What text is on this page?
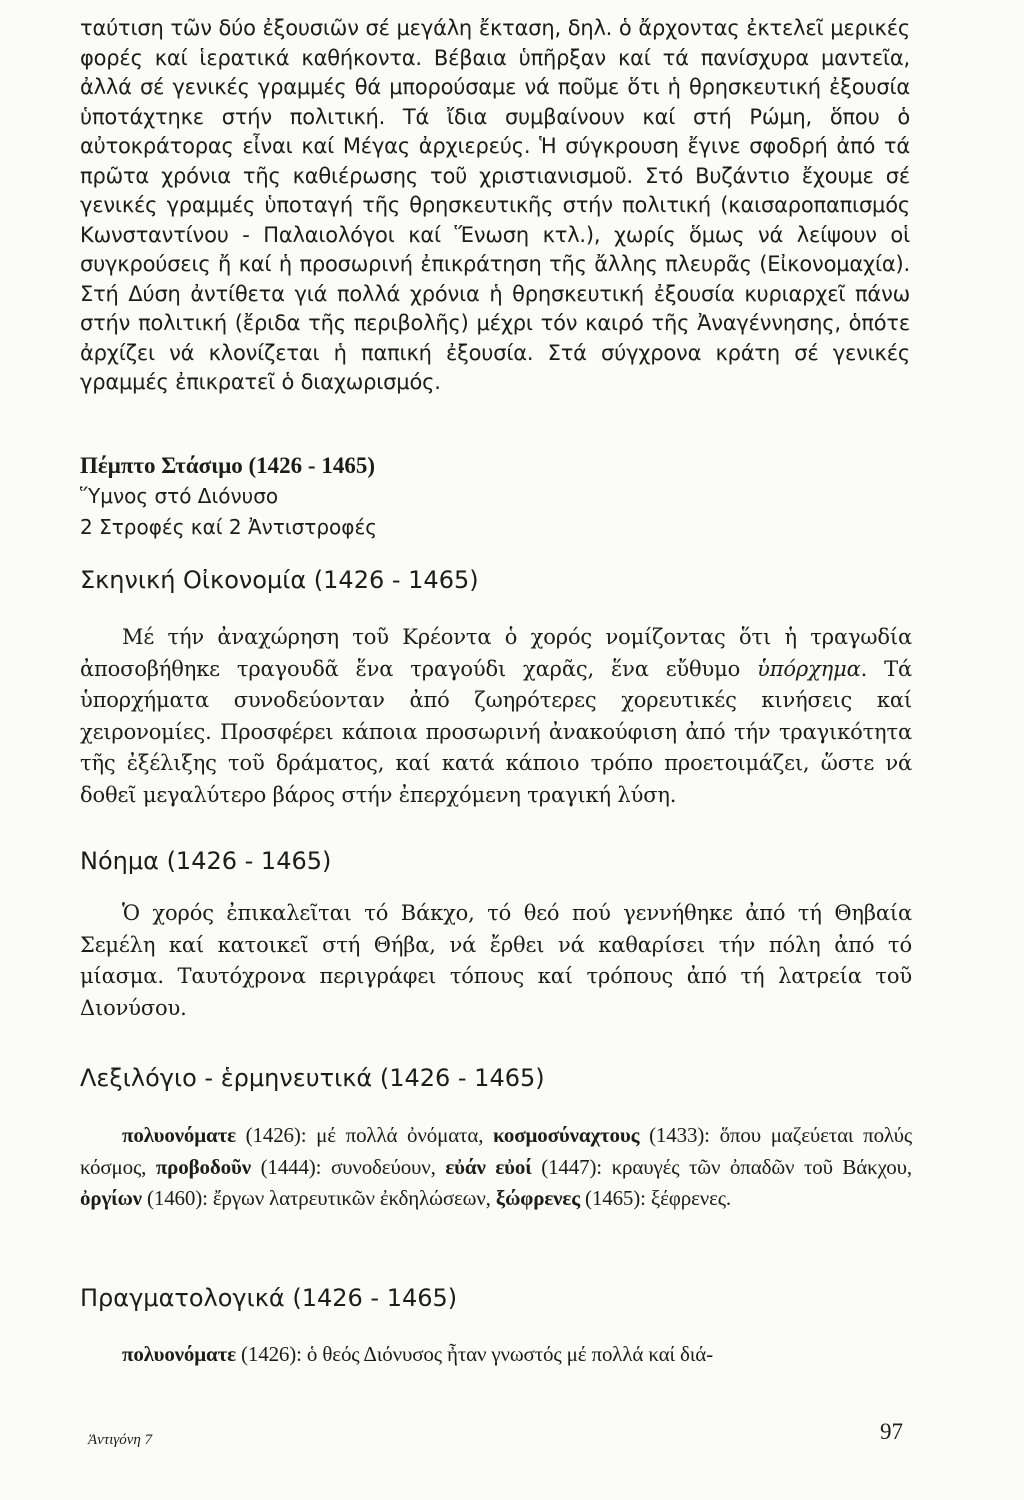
ταύτιση τῶν δύο ἐξουσιῶν σέ μεγάλη ἔκταση, δηλ. ὁ ἄρχοντας ἐκτελεῖ μερικές φορές καί ἱερατικά καθήκοντα. Βέβαια ὑπῆρξαν καί τά πανίσχυρα μαντεῖα, ἀλλά σέ γενικές γραμμές θά μπορούσαμε νά ποῦμε ὅτι ἡ θρησκευτική ἐξουσία ὑποτάχτηκε στήν πολιτική. Τά ἴδια συμβαίνουν καί στή Ρώμη, ὅπου ὁ αὐτοκράτορας εἶναι καί Μέγας ἀρχιερεύς. Ἡ σύγκρουση ἔγινε σφοδρή ἀπό τά πρῶτα χρόνια τῆς καθιέρωσης τοῦ χριστιανισμοῦ. Στό Βυζάντιο ἔχουμε σέ γενικές γραμμές ὑποταγή τῆς θρησκευτικῆς στήν πολιτική (καισαροπαπισμός Κωνσταντίνου - Παλαιολόγοι καί Ἕνωση κτλ.), χωρίς ὅμως νά λείψουν οἱ συγκρούσεις ἤ καί ἡ προσωρινή ἐπικράτηση τῆς ἄλλης πλευρᾶς (Εἰκονομαχία). Στή Δύση ἀντίθετα γιά πολλά χρόνια ἡ θρησκευτική ἐξουσία κυριαρχεῖ πάνω στήν πολιτική (ἔριδα τῆς περιβολῆς) μέχρι τόν καιρό τῆς Ἀναγέννησης, ὁπότε ἀρχίζει νά κλονίζεται ἡ παπική ἐξουσία. Στά σύγχρονα κράτη σέ γενικές γραμμές ἐπικρατεῖ ὁ διαχωρισμός.
Πέμπτο Στάσιμο (1426 - 1465)
Ὕμνος στό Διόνυσο
2 Στροφές καί 2 Ἀντιστροφές
Σκηνική Οἰκονομία (1426 - 1465)
Μέ τήν ἀναχώρηση τοῦ Κρέοντα ὁ χορός νομίζοντας ὅτι ἡ τραγωδία ἀποσοβήθηκε τραγουδᾶ ἕνα τραγούδι χαρᾶς, ἕνα εὔθυμο ὑπόρχημα. Τά ὑπορχήματα συνοδεύονταν ἀπό ζωηρότερες χορευτικές κινήσεις καί χειρονομίες. Προσφέρει κάποια προσωρινή ἀνακούφιση ἀπό τήν τραγικότητα τῆς ἐξέλιξης τοῦ δράματος, καί κατά κάποιο τρόπο προετοιμάζει, ὥστε νά δοθεῖ μεγαλύτερο βάρος στήν ἐπερχόμενη τραγική λύση.
Νόημα (1426 - 1465)
Ὁ χορός ἐπικαλεῖται τό Βάκχο, τό θεό πού γεννήθηκε ἀπό τή Θηβαία Σεμέλη καί κατοικεῖ στή Θήβα, νά ἔρθει νά καθαρίσει τήν πόλη ἀπό τό μίασμα. Ταυτόχρονα περιγράφει τόπους καί τρόπους ἀπό τή λατρεία τοῦ Διονύσου.
Λεξιλόγιο - ἑρμηνευτικά (1426 - 1465)
πολυονόματε (1426): μέ πολλά ὀνόματα, κοσμοσύναχτους (1433): ὅπου μαζεύεται πολύς κόσμος, προβοδοῦν (1444): συνοδεύουν, εὐάν εὐοί (1447): κραυγές τῶν ὀπαδῶν τοῦ Βάκχου, ὀργίων (1460): ἔργων λατρευτικῶν ἐκδηλώσεων, ξώφρενες (1465): ξέφρενες.
Πραγματολογικά (1426 - 1465)
πολυονόματε (1426): ὁ θεός Διόνυσος ἦταν γνωστός μέ πολλά καί διά-
Ἀντιγόνη 7	97
